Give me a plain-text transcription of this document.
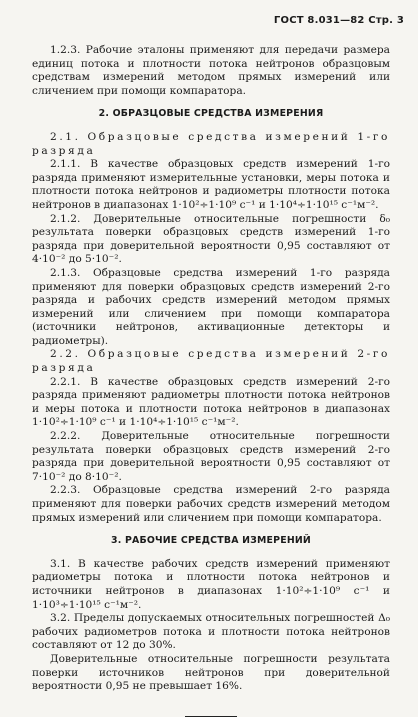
ГОСТ 8.031—82 Стр. 3

1.2.3. Рабочие эталоны применяют для передачи размера единиц потока и плотности потока нейтронов образцовым средствам измерений методом прямых измерений или сличением при помощи компаратора.

2. ОБРАЗЦОВЫЕ СРЕДСТВА ИЗМЕРЕНИЯ

2.1. Образцовые средства измерений 1-го разряда

2.1.1. В качестве образцовых средств измерений 1-го разряда применяют измерительные установки, меры потока и плотности потока нейтронов и радиометры плотности потока нейтронов в диапазонах 1·10²÷1·10⁹ с⁻¹ и 1·10⁴÷1·10¹⁵ с⁻¹м⁻².

2.1.2. Доверительные относительные погрешности δ₀ результата поверки образцовых средств измерений 1-го разряда при доверительной вероятности 0,95 составляют от 4·10⁻² до 5·10⁻².

2.1.3. Образцовые средства измерений 1-го разряда применяют для поверки образцовых средств измерений 2-го разряда и рабочих средств измерений методом прямых измерений или сличением при помощи компаратора (источники нейтронов, активационные детекторы и радиометры).

2.2. Образцовые средства измерений 2-го разряда

2.2.1. В качестве образцовых средств измерений 2-го разряда применяют радиометры плотности потока нейтронов и меры потока и плотности потока нейтронов в диапазонах 1·10²÷1·10⁹ с⁻¹ и 1·10⁴÷1·10¹⁵ с⁻¹м⁻².

2.2.2. Доверительные относительные погрешности результата поверки образцовых средств измерений 2-го разряда при доверительной вероятности 0,95 составляют от 7·10⁻² до 8·10⁻².

2.2.3. Образцовые средства измерений 2-го разряда применяют для поверки рабочих средств измерений методом прямых измерений или сличением при помощи компаратора.

3. РАБОЧИЕ СРЕДСТВА ИЗМЕРЕНИЙ

3.1. В качестве рабочих средств измерений применяют радиометры потока и плотности потока нейтронов и источники нейтронов в диапазонах 1·10²÷1·10⁹ с⁻¹ и 1·10³÷1·10¹⁵ с⁻¹м⁻².

3.2. Пределы допускаемых относительных погрешностей Δ₀ рабочих радиометров потока и плотности потока нейтронов составляют от 12 до 30%.

Доверительные относительные погрешности результата поверки источников нейтронов при доверительной вероятности 0,95 не превышает 16%.
